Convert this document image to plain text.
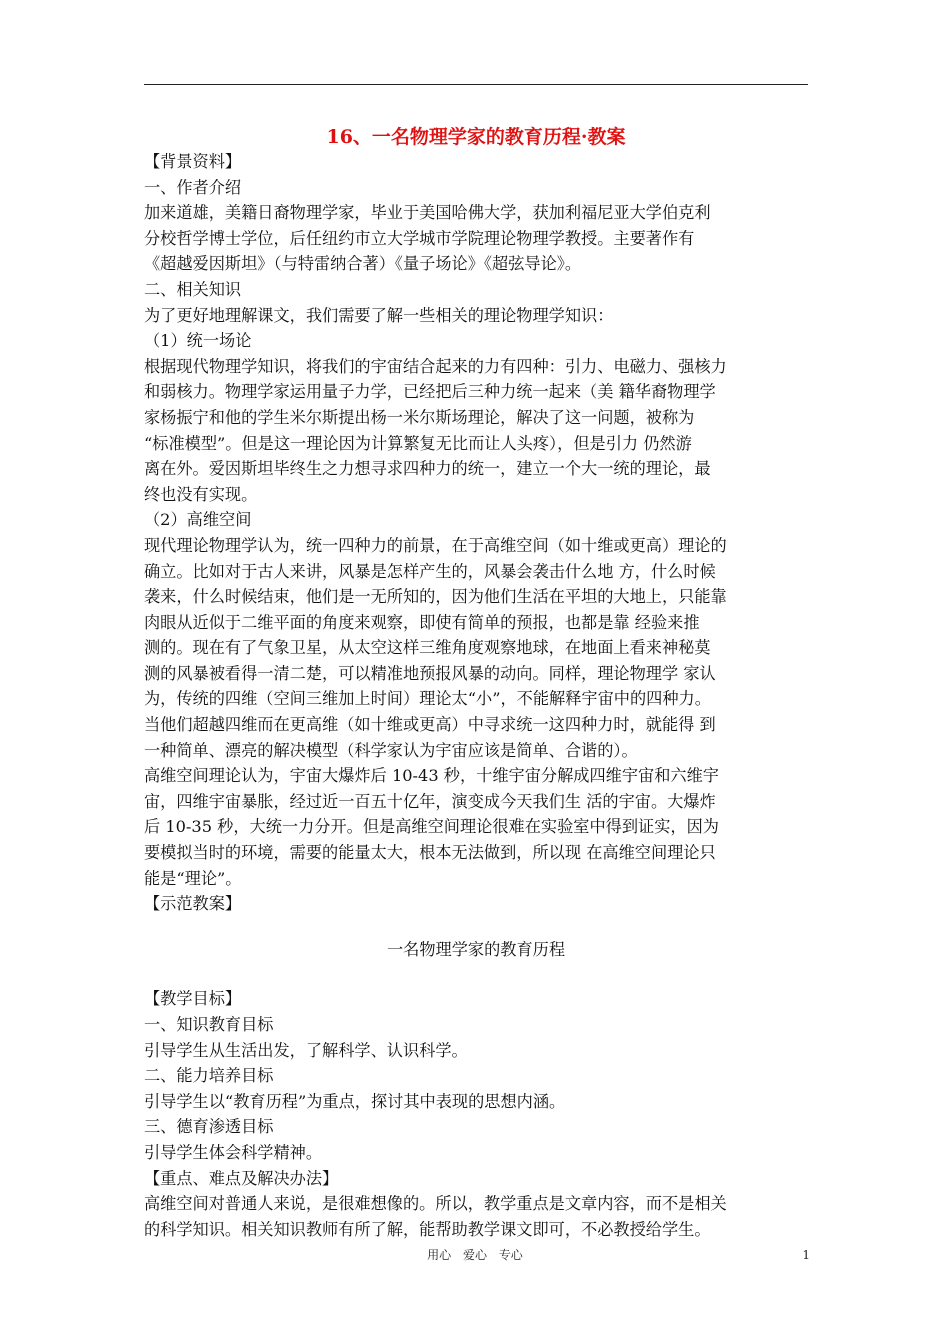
16、一名物理学家的教育历程·教案
【背景资料】
一、作者介绍
加来道雄，美籍日裔物理学家，毕业于美国哈佛大学，获加利福尼亚大学伯克利
分校哲学博士学位，后任纽约市立大学城市学院理论物理学教授。主要著作有
《超越爱因斯坦》（与特雷纳合著）《量子场论》《超弦导论》。
二、相关知识
为了更好地理解课文，我们需要了解一些相关的理论物理学知识：
（1）统一场论
根据现代物理学知识，将我们的宇宙结合起来的力有四种：引力、电磁力、强核力
和弱核力。物理学家运用量子力学，已经把后三种力统一起来（美 籍华裔物理学
家杨振宁和他的学生米尔斯提出杨一米尔斯场理论，解决了这一问题，被称为
“标准模型”。但是这一理论因为计算繁复无比而让人头疼），但是引力 仍然游
离在外。爱因斯坦毕终生之力想寻求四种力的统一，建立一个大一统的理论，最
终也没有实现。
（2）高维空间
现代理论物理学认为，统一四种力的前景，在于高维空间（如十维或更高）理论的
确立。比如对于古人来讲，风暴是怎样产生的，风暴会袭击什么地 方，什么时候
袭来，什么时候结束，他们是一无所知的，因为他们生活在平坦的大地上，只能靠
肉眼从近似于二维平面的角度来观察，即使有简单的预报，也都是靠 经验来推
测的。现在有了气象卫星，从太空这样三维角度观察地球，在地面上看来神秘莫
测的风暴被看得一清二楚，可以精准地预报风暴的动向。同样，理论物理学 家认
为，传统的四维（空间三维加上时间）理论太“小”，不能解释宇宙中的四种力。
当他们超越四维而在更高维（如十维或更高）中寻求统一这四种力时，就能得 到
一种简单、漂亮的解决模型（科学家认为宇宙应该是简单、合谐的）。
高维空间理论认为，宇宙大爆炸后 10-43 秒，十维宇宙分解成四维宇宙和六维宇
宙，四维宇宙暴胀，经过近一百五十亿年，演变成今天我们生 活的宇宙。大爆炸
后 10-35 秒，大统一力分开。但是高维空间理论很难在实验室中得到证实，因为
要模拟当时的环境，需要的能量太大，根本无法做到，所以现 在高维空间理论只
能是“理论”。
【示范教案】
一名物理学家的教育历程
【教学目标】
一、知识教育目标
引导学生从生活出发，了解科学、认识科学。
二、能力培养目标
引导学生以“教育历程”为重点，探讨其中表现的思想内涵。
三、德育渗透目标
引导学生体会科学精神。
【重点、难点及解决办法】
高维空间对普通人来说，是很难想像的。所以，教学重点是文章内容，而不是相关
的科学知识。相关知识教师有所了解，能帮助教学课文即可，不必教授给学生。
用心 爱心 专心	1
